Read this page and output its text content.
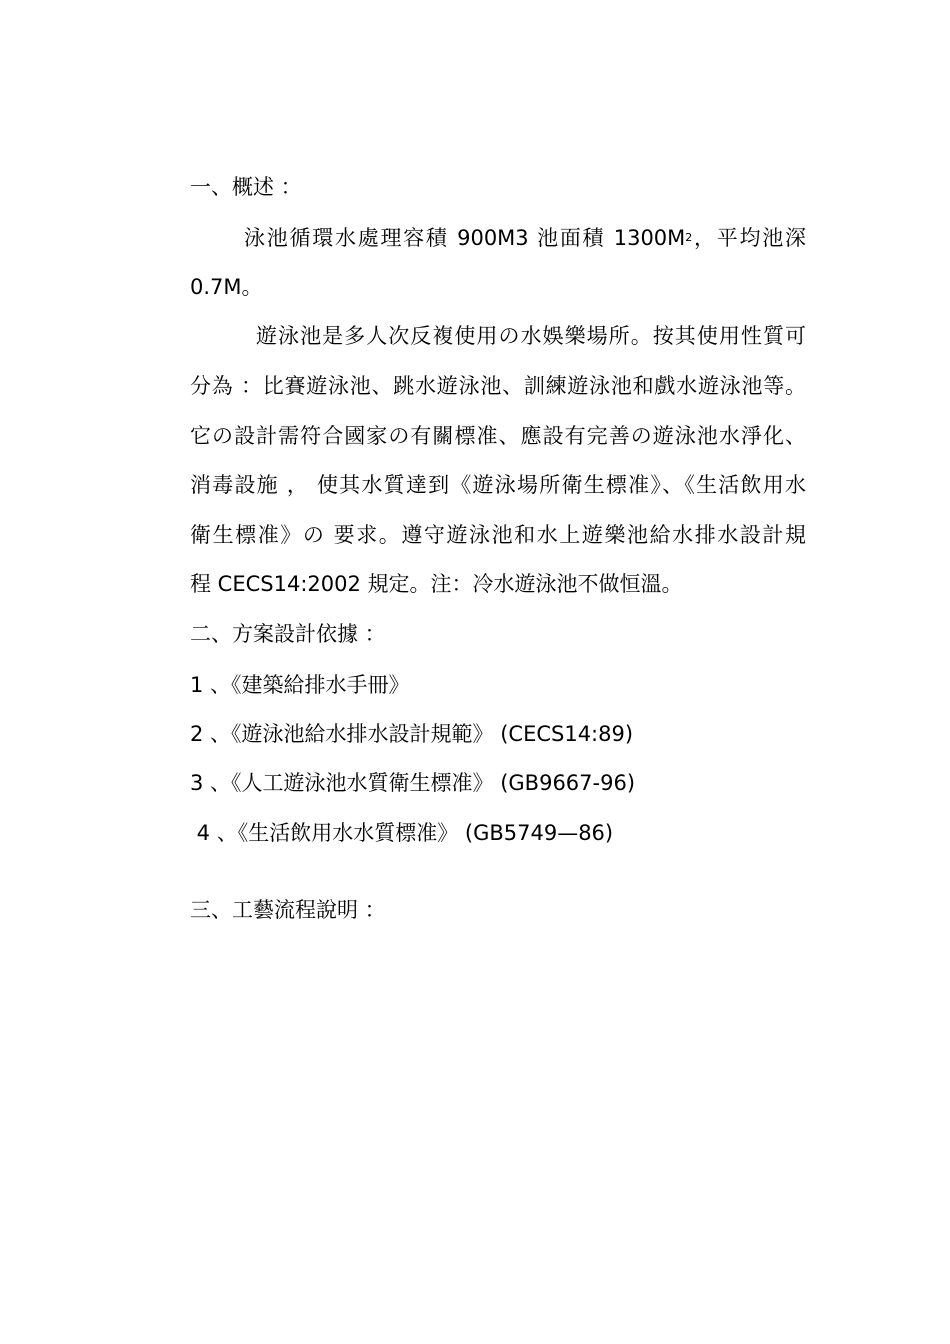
一、概述 ：
泳池循環水處理容積 900M3 池面積 $1300M^2$，平均池深
0.7M。
遊泳池是多人次反複使用の水娛樂場所。按其使用性質可
分為 ：比賽遊泳池、跳水遊泳池、訓練遊泳池和戲水遊泳池等。
它の設計需符合國家の有關標准、應設有完善の遊泳池水淨化、
消毒設施 ， 使其水質達到《遊泳場所衛生標准》、《生活飲用水
衛生標准》の 要求。遵守遊泳池和水上遊樂池給水排水設計規
程 CECS14:2002 規定。注：冷水遊泳池不做恒溫。
二、方案設計依據 ：
1 、《建築給排水手冊》
2 、《遊泳池給水排水設計規範》 (CECS14:89)
3 、《人工遊泳池水質衛生標准》 (GB9667-96)
4 、《生活飲用水水質標准》 (GB5749—86)
三、工藝流程說明 ：
